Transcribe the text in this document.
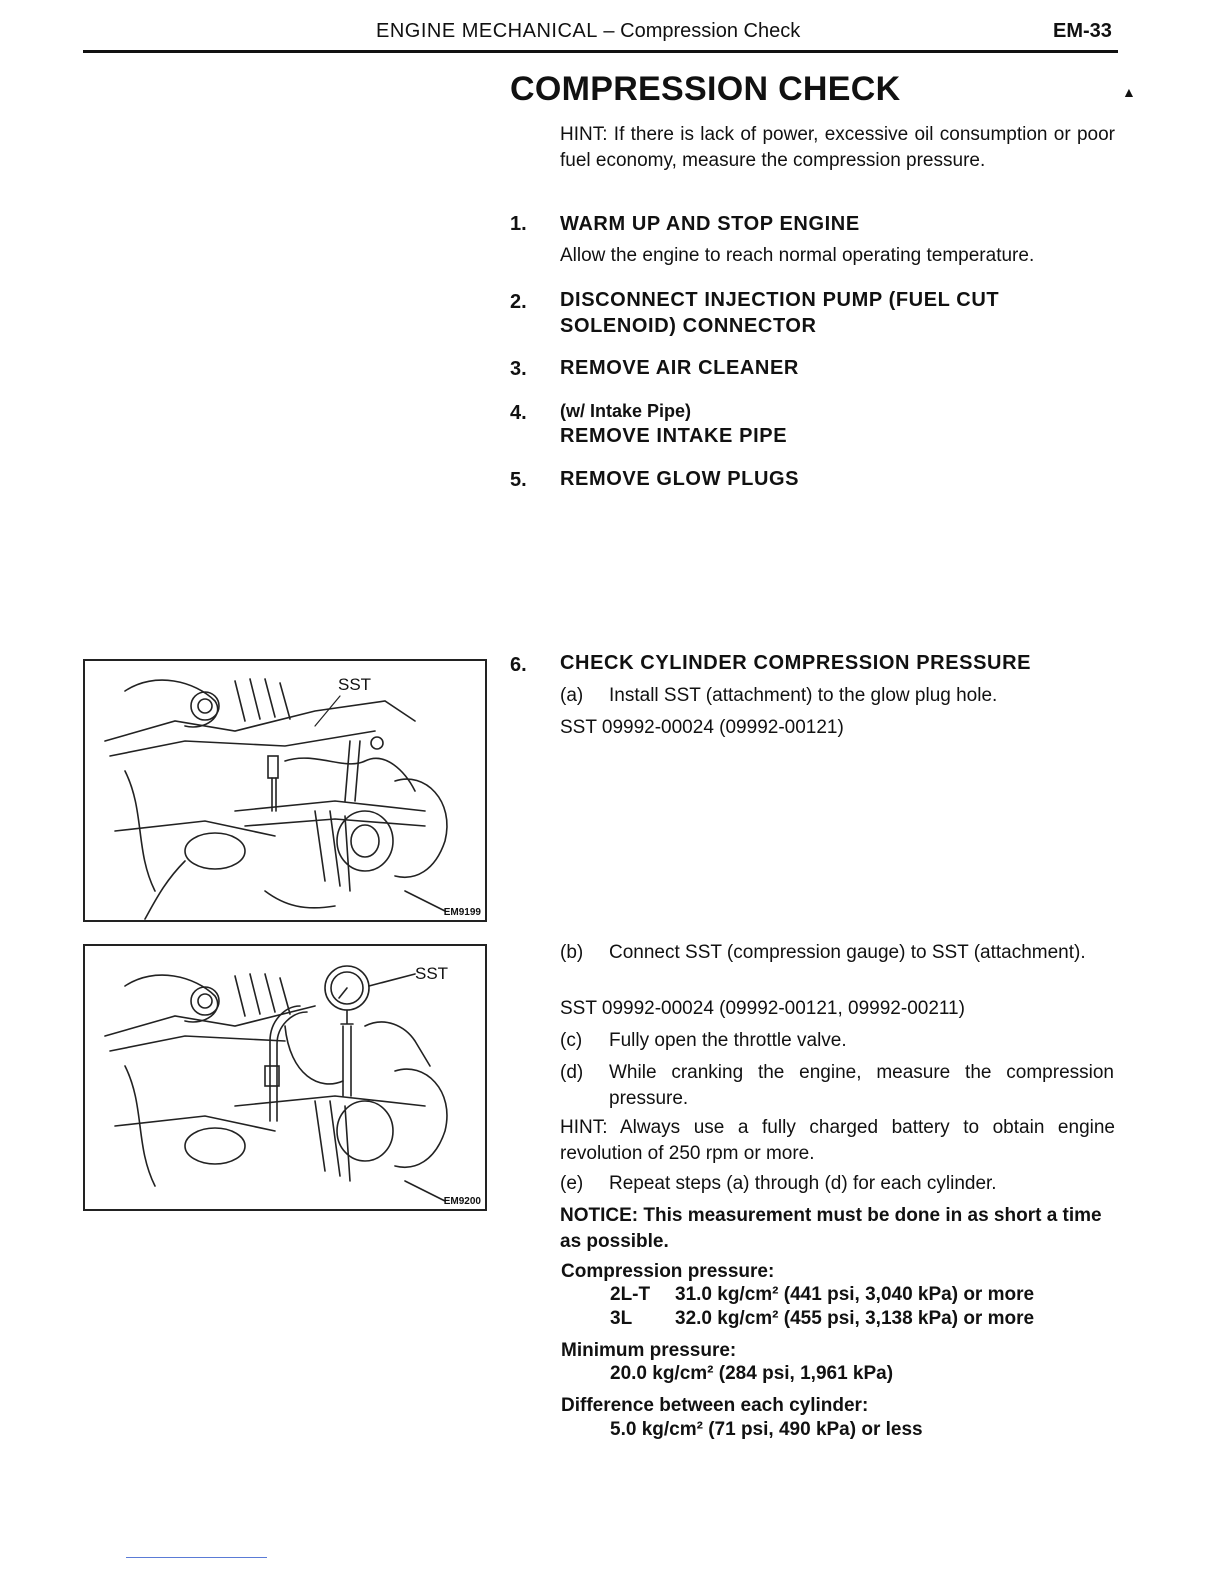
ENGINE MECHANICAL – Compression Check	EM-33
COMPRESSION CHECK	▲
HINT: If there is lack of power, excessive oil consumption or poor fuel economy, measure the compression pressure.
1. WARM UP AND STOP ENGINE
Allow the engine to reach normal operating temperature.
2. DISCONNECT INJECTION PUMP (FUEL CUT SOLENOID) CONNECTOR
3. REMOVE AIR CLEANER
4. (w/ Intake Pipe)
REMOVE INTAKE PIPE
5. REMOVE GLOW PLUGS
6. CHECK CYLINDER COMPRESSION PRESSURE
(a) Install SST (attachment) to the glow plug hole.
SST 09992-00024 (09992-00121)
(b) Connect SST (compression gauge) to SST (attachment).
SST 09992-00024 (09992-00121, 09992-00211)
(c) Fully open the throttle valve.
(d) While cranking the engine, measure the compression pressure.
HINT: Always use a fully charged battery to obtain engine revolution of 250 rpm or more.
(e) Repeat steps (a) through (d) for each cylinder.
NOTICE: This measurement must be done in as short a time as possible.
Compression pressure:
2L-T 31.0 kg/cm² (441 psi, 3,040 kPa) or more
3L 32.0 kg/cm² (455 psi, 3,138 kPa) or more
Minimum pressure:
20.0 kg/cm² (284 psi, 1,961 kPa)
Difference between each cylinder:
5.0 kg/cm² (71 psi, 490 kPa) or less
SST
EM9199
SST
EM9200
